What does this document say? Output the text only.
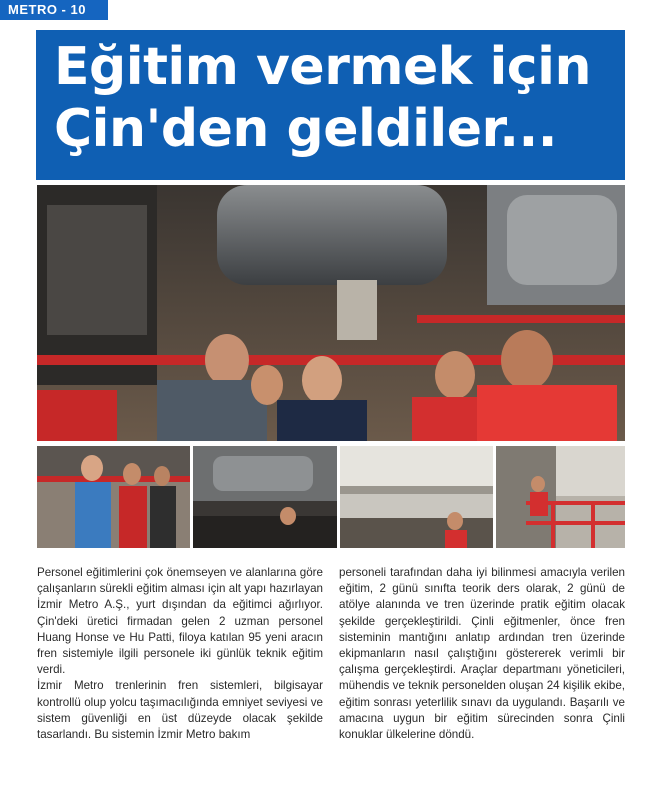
METRO - 10
Eğitim vermek için
Çin'den geldiler...

Personel eğitimlerini çok önemseyen ve alanlarına göre çalışanların sürekli eğitim alması için alt yapı hazırlayan İzmir Metro A.Ş., yurt dışından da eğitimci ağırlıyor. Çin'deki üretici firmadan gelen 2 uzman personel Huang Honse ve Hu Patti, filoya katılan 95 yeni aracın fren sistemiyle ilgili personele iki günlük teknik eğitim verdi.

İzmir Metro trenlerinin fren sistemleri, bilgisayar kontrollü olup yolcu taşımacılığında emniyet seviyesi ve sistem güvenliği en üst düzeyde olacak şekilde tasarlandı. Bu sistemin İzmir Metro bakım

personeli tarafından daha iyi bilinmesi amacıyla verilen eğitim, 2 günü sınıfta teorik ders olarak, 2 günü de atölye alanında ve tren üzerinde pratik eğitim olacak şekilde gerçekleştirildi. Çinli eğitmenler, önce fren sisteminin mantığını anlatıp ardından tren üzerinde ekipmanların nasıl çalıştığını göstererek verimli bir çalışma gerçekleştirdi. Araçlar departmanı yöneticileri, mühendis ve teknik personelden oluşan 24 kişilik ekibe, eğitim sonrası yeterlilik sınavı da uygulandı. Başarılı ve amacına uygun bir eğitim sürecinden sonra Çinli konuklar ülkelerine döndü.
